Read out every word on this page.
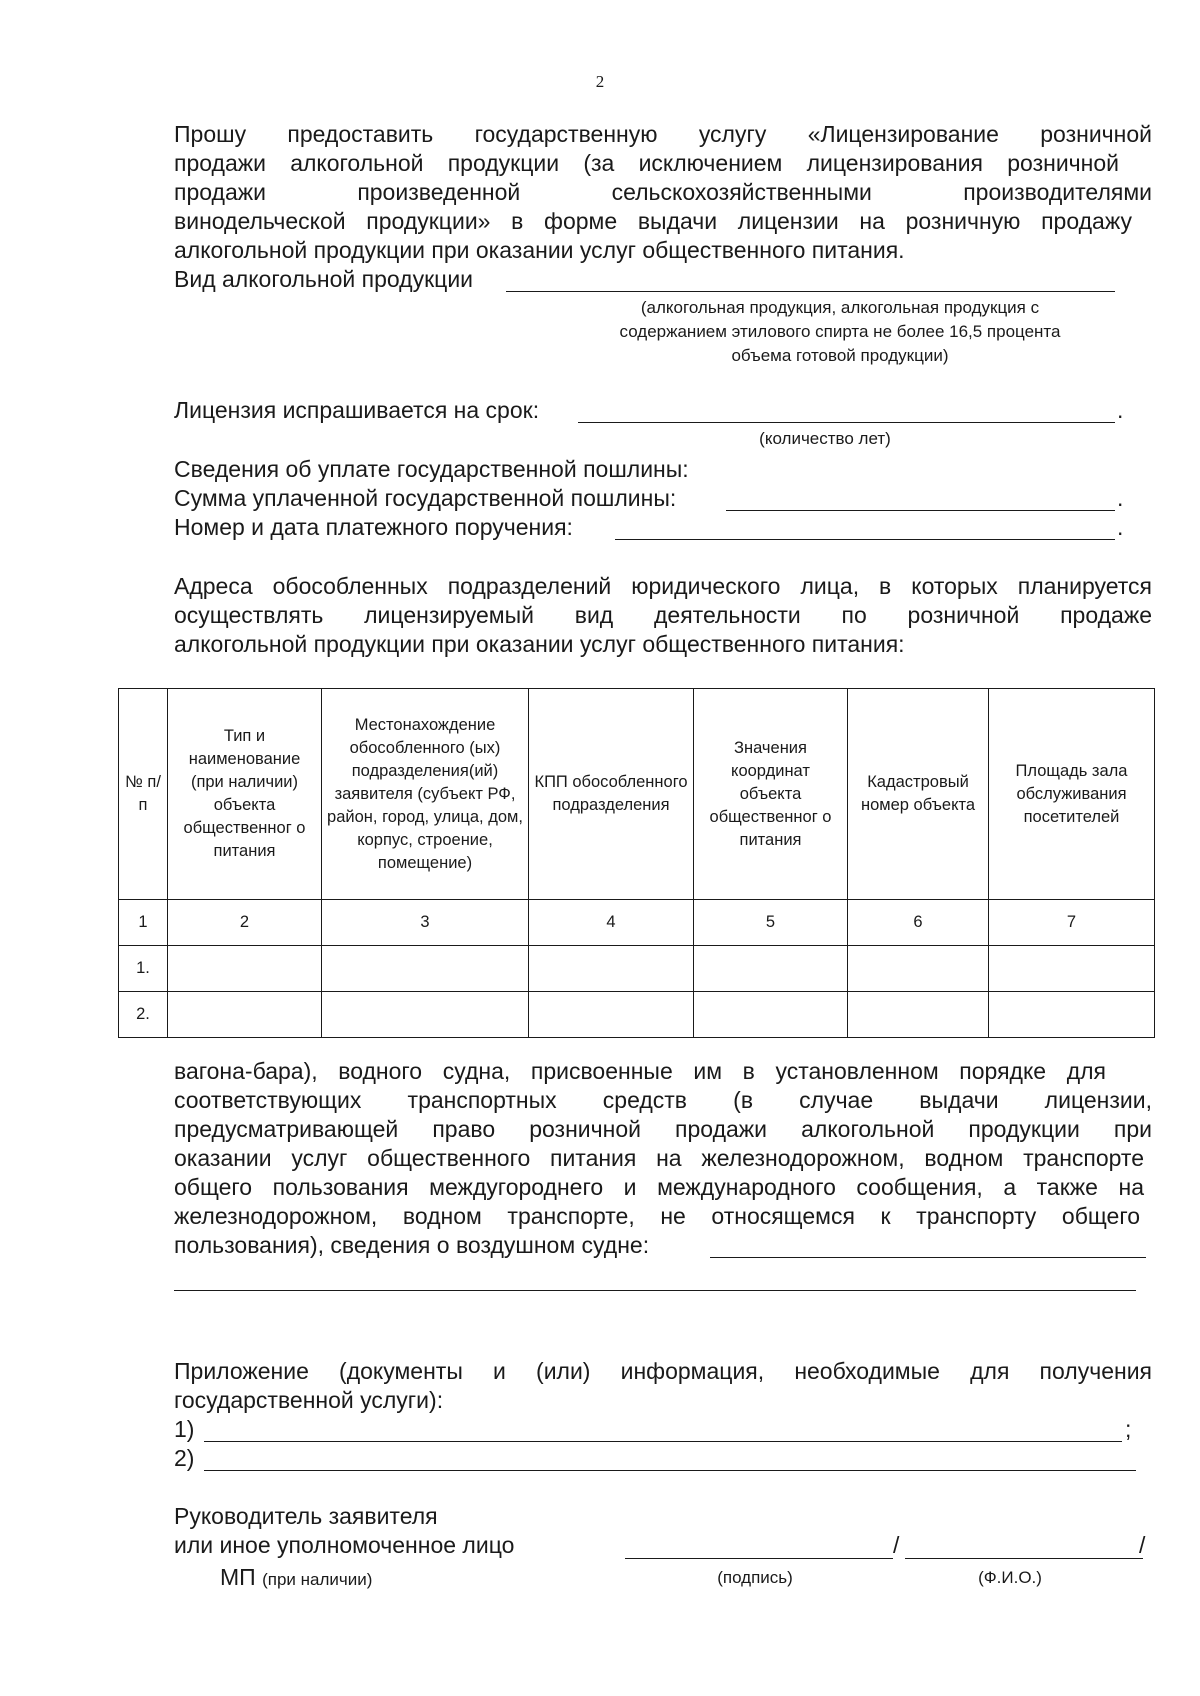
2
Прошу предоставить государственную услугу «Лицензирование розничной
продажи алкогольной продукции (за исключением лицензирования розничной
продажи произведенной сельскохозяйственными производителями
винодельческой продукции» в форме выдачи лицензии на розничную продажу
алкогольной продукции при оказании услуг общественного питания.
Вид алкогольной продукции
(алкогольная продукция, алкогольная продукция с
содержанием этилового спирта не более 16,5 процента
объема готовой продукции)
Лицензия испрашивается на срок:	.
(количество лет)
Сведения об уплате государственной пошлины:
Сумма уплаченной государственной пошлины:	.
Номер и дата платежного поручения:	.
Адреса обособленных подразделений юридического лица, в которых планируется
осуществлять лицензируемый вид деятельности по розничной продаже
алкогольной продукции при оказании услуг общественного питания:
№ п/п	Тип и наименование (при наличии) объекта общественног о питания	Местонахождение обособленного (ых) подразделения(ий) заявителя (субъект РФ, район, город, улица, дом, корпус, строение, помещение)	КПП обособленного подразделения	Значения координат объекта общественног о питания	Кадастровый номер объекта	Площадь зала обслуживания посетителей
1	2	3	4	5	6	7
1.						
2.						
вагона-бара), водного судна, присвоенные им в установленном порядке для
соответствующих транспортных средств (в случае выдачи лицензии,
предусматривающей право розничной продажи алкогольной продукции при
оказании услуг общественного питания на железнодорожном, водном транспорте
общего пользования междугороднего и международного сообщения, а также на
железнодорожном, водном транспорте, не относящемся к транспорту общего
пользования), сведения о воздушном судне:
Приложение (документы и (или) информация, необходимые для получения
государственной услуги):
1)	;
2)
Руководитель заявителя
или иное уполномоченное лицо	/	/
МП (при наличии)	(подпись)	(Ф.И.О.)
